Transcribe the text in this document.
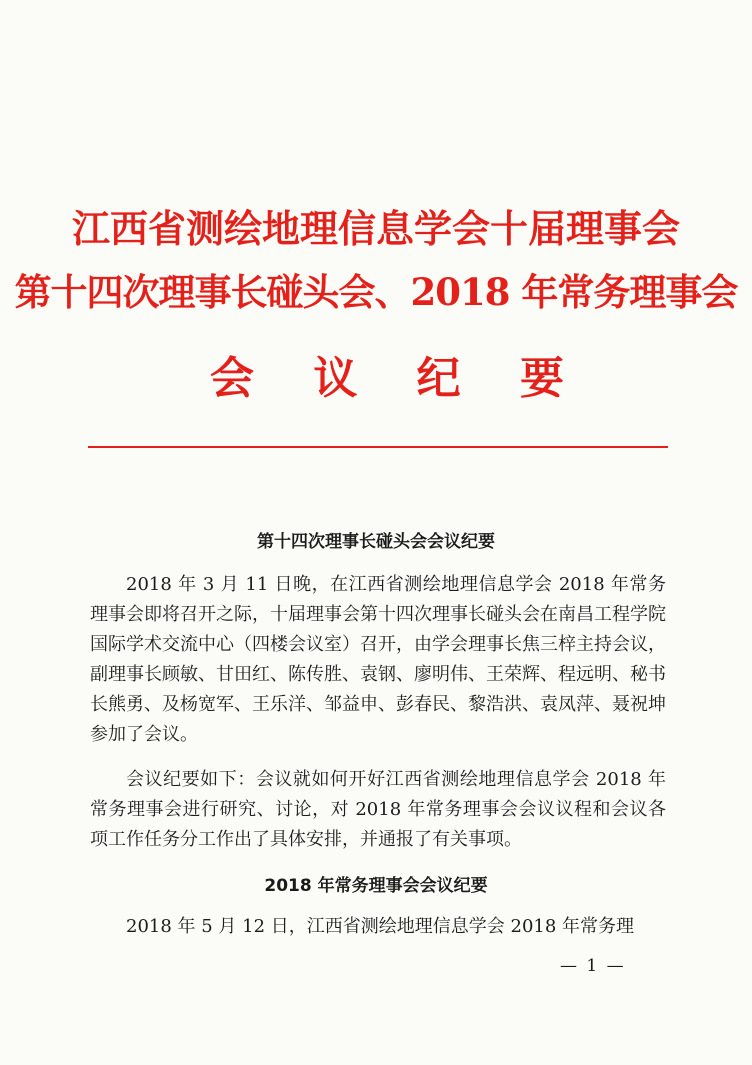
江西省测绘地理信息学会十届理事会
第十四次理事长碰头会、2018 年常务理事会
会 议 纪 要
第十四次理事长碰头会会议纪要
2018 年 3 月 11 日晚，在江西省测绘地理信息学会 2018 年常务理事会即将召开之际，十届理事会第十四次理事长碰头会在南昌工程学院国际学术交流中心（四楼会议室）召开，由学会理事长焦三梓主持会议，副理事长顾敏、甘田红、陈传胜、袁钢、廖明伟、王荣辉、程远明、秘书长熊勇、及杨宽军、王乐洋、邹益申、彭春民、黎浩洪、袁凤萍、聂祝坤参加了会议。
会议纪要如下：会议就如何开好江西省测绘地理信息学会 2018 年常务理事会进行研究、讨论，对 2018 年常务理事会会议议程和会议各项工作任务分工作出了具体安排，并通报了有关事项。
2018 年常务理事会会议纪要
2018 年 5 月 12 日，江西省测绘地理信息学会 2018 年常务理
— 1 —
